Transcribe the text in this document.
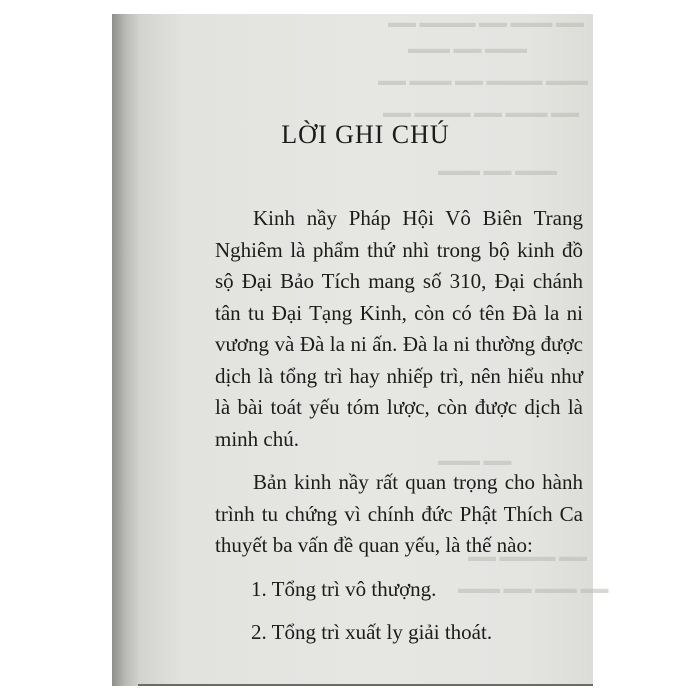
▬▬ ▬▬▬ ▬▬ ▬▬▬▬ ▬▬
▬▬▬ ▬▬ ▬▬▬
▬▬▬ ▬▬▬▬ ▬▬ ▬▬▬ ▬▬
▬▬ ▬▬▬ ▬▬ ▬▬▬▬ ▬▬
▬▬▬ ▬▬ ▬▬▬
▬▬ ▬▬▬
▬▬ ▬▬▬▬ ▬▬
▬▬ ▬▬▬ ▬▬ ▬▬▬
LỜI GHI CHÚ

Kinh nầy Pháp Hội Vô Biên Trang Nghiêm là phẩm thứ nhì trong bộ kinh đồ sộ Đại Bảo Tích mang số 310, Đại chánh tân tu Đại Tạng Kinh, còn có tên Đà la ni vương và Đà la ni ấn. Đà la ni thường được dịch là tổng trì hay nhiếp trì, nên hiểu như là bài toát yếu tóm lược, còn được dịch là minh chú.

Bản kinh nầy rất quan trọng cho hành trình tu chứng vì chính đức Phật Thích Ca thuyết ba vấn đề quan yếu, là thế nào:

1. Tổng trì vô thượng.

2. Tổng trì xuất ly giải thoát.
